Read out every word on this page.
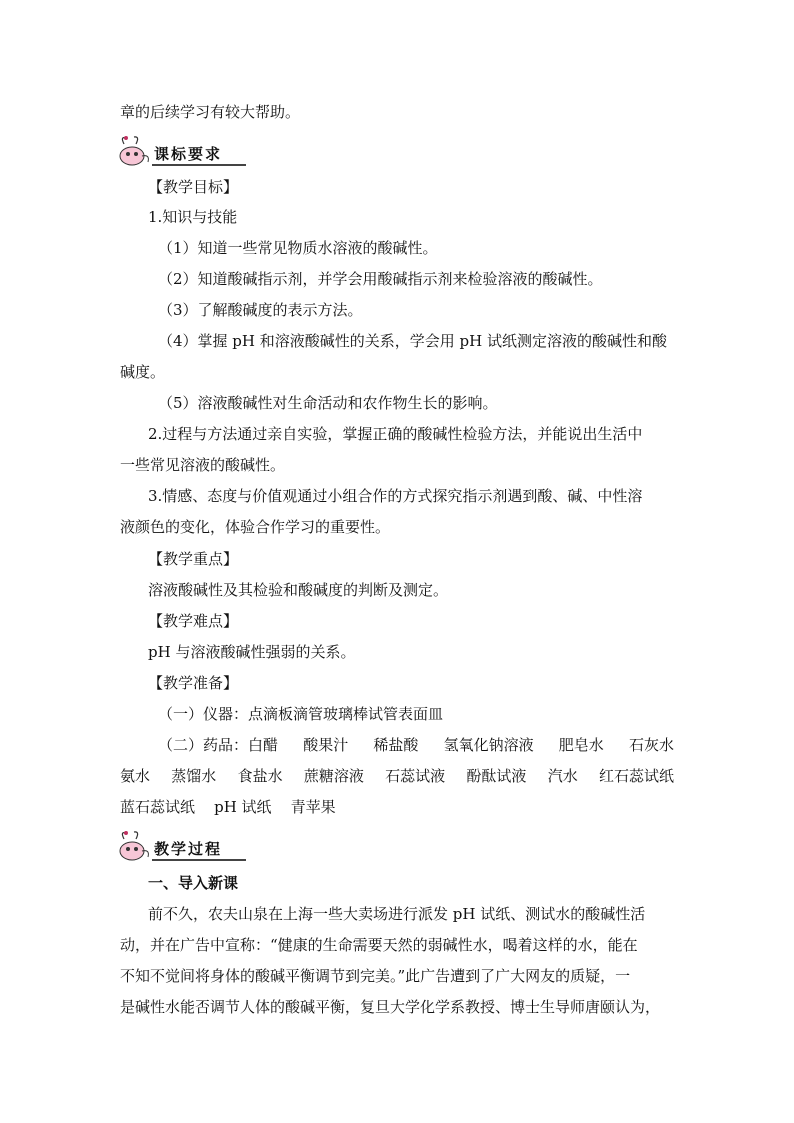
章的后续学习有较大帮助。
课标要求
【教学目标】
1.知识与技能
（1）知道一些常见物质水溶液的酸碱性。
（2）知道酸碱指示剂，并学会用酸碱指示剂来检验溶液的酸碱性。
（3）了解酸碱度的表示方法。
（4）掌握 pH 和溶液酸碱性的关系，学会用 pH 试纸测定溶液的酸碱性和酸
碱度。
（5）溶液酸碱性对生命活动和农作物生长的影响。
2.过程与方法通过亲自实验，掌握正确的酸碱性检验方法，并能说出生活中
一些常见溶液的酸碱性。
3.情感、态度与价值观通过小组合作的方式探究指示剂遇到酸、碱、中性溶
液颜色的变化，体验合作学习的重要性。
【教学重点】
溶液酸碱性及其检验和酸碱度的判断及测定。
【教学难点】
pH 与溶液酸碱性强弱的关系。
【教学准备】
（一）仪器：点滴板滴管玻璃棒试管表面皿
（二）药品：白醋 酸果汁 稀盐酸 氢氧化钠溶液 肥皂水 石灰水
氨水 蒸馏水 食盐水 蔗糖溶液 石蕊试液 酚酞试液 汽水 红石蕊试纸
蓝石蕊试纸 pH 试纸 青苹果
教学过程
一、导入新课
前不久，农夫山泉在上海一些大卖场进行派发 pH 试纸、测试水的酸碱性活
动，并在广告中宣称：“健康的生命需要天然的弱碱性水，喝着这样的水，能在
不知不觉间将身体的酸碱平衡调节到完美。”此广告遭到了广大网友的质疑，一
是碱性水能否调节人体的酸碱平衡，复旦大学化学系教授、博士生导师唐颐认为，
